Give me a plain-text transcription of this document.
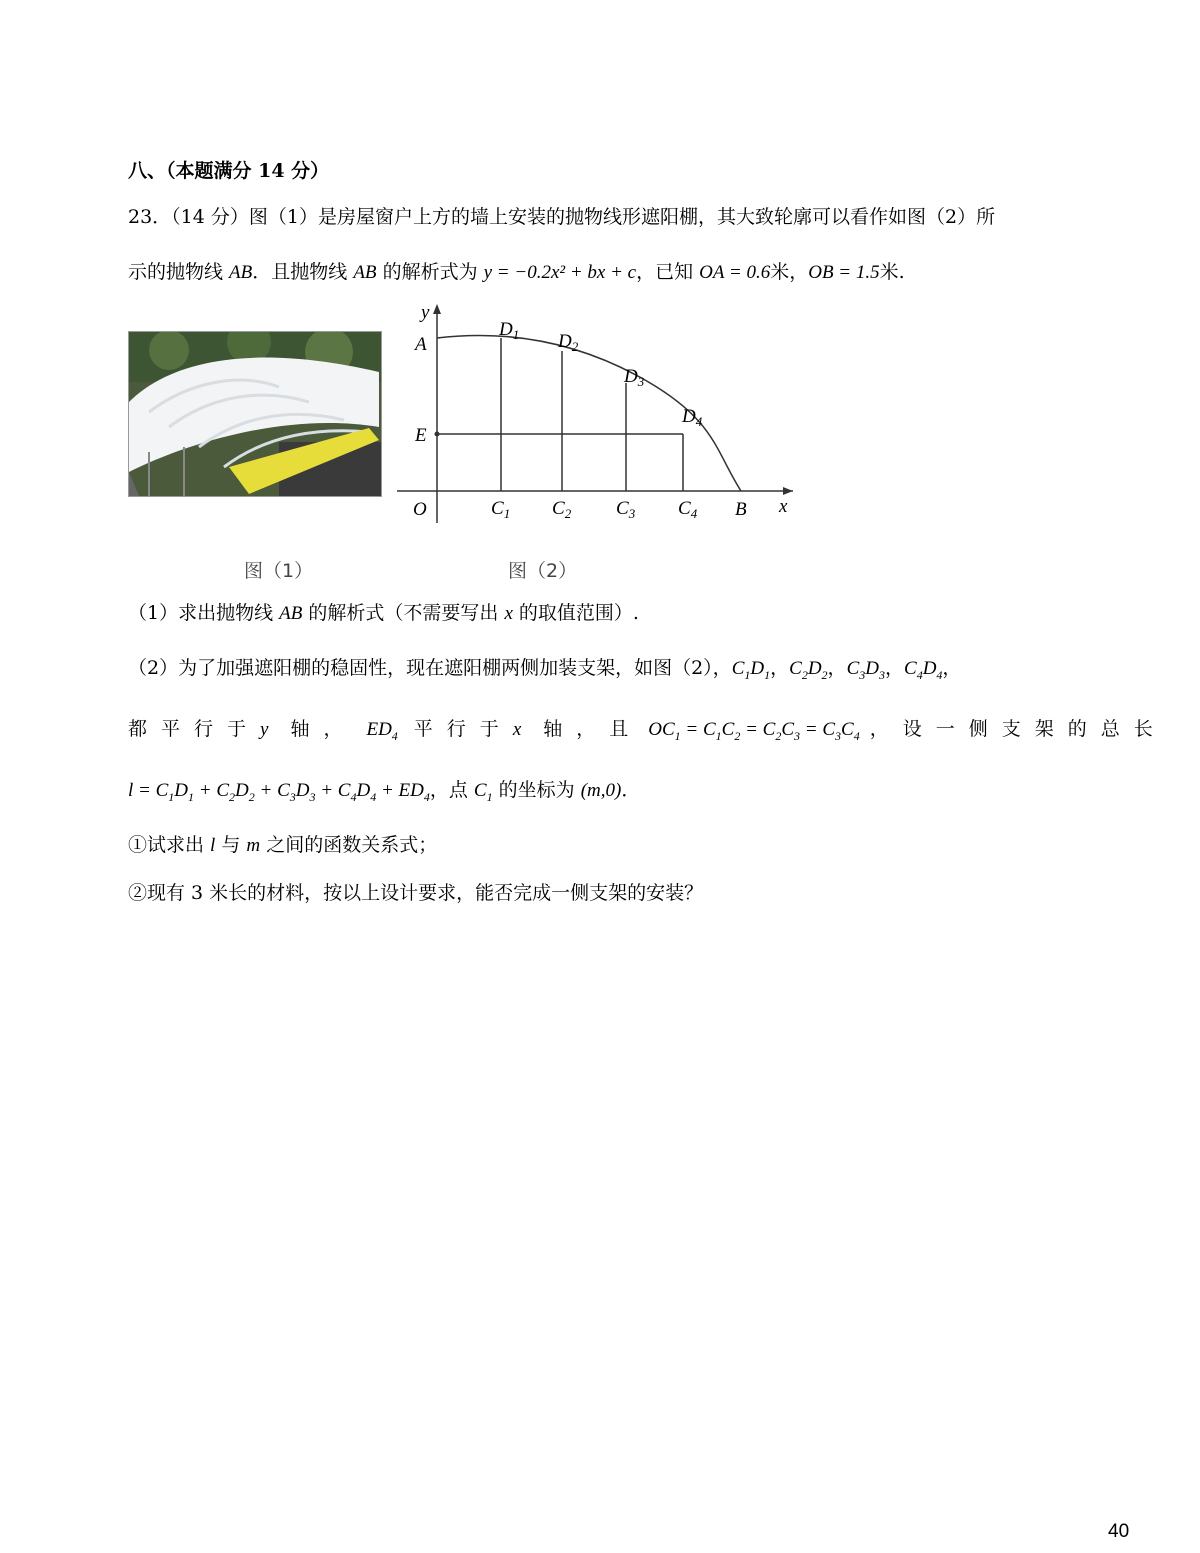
八、（本题满分 14 分）
23．（14 分）图（1）是房屋窗户上方的墙上安装的抛物线形遮阳棚，其大致轮廓可以看作如图（2）所
示的抛物线 AB．且抛物线 AB 的解析式为 y = −0.2x² + bx + c，已知 OA = 0.6米，OB = 1.5米.
y
A
E
O	B x
$D_1$ $D_2$
$D_3$
$D_4$
$C_1$ $C_2$ $C_3$ $C_4$
图（1）	图（2）
（1）求出抛物线 AB 的解析式（不需要写出 x 的取值范围）.
（2）为了加强遮阳棚的稳固性，现在遮阳棚两侧加装支架，如图（2），$C_1D_1$，$C_2D_2$，$C_3D_3$，$C_4D_4$，
都平行于y 轴， $ED_4$ 平行于x 轴，且 $OC_1 = C_1C_2 = C_2C_3 = C_3C_4$ ，设一侧支架的总长
$l = C_1D_1 + C_2D_2 + C_3D_3 + C_4D_4 + ED_4$，点 $C_1$ 的坐标为 (m,0)．
①试求出 l 与 m 之间的函数关系式；
②现有 3 米长的材料，按以上设计要求，能否完成一侧支架的安装？
40
